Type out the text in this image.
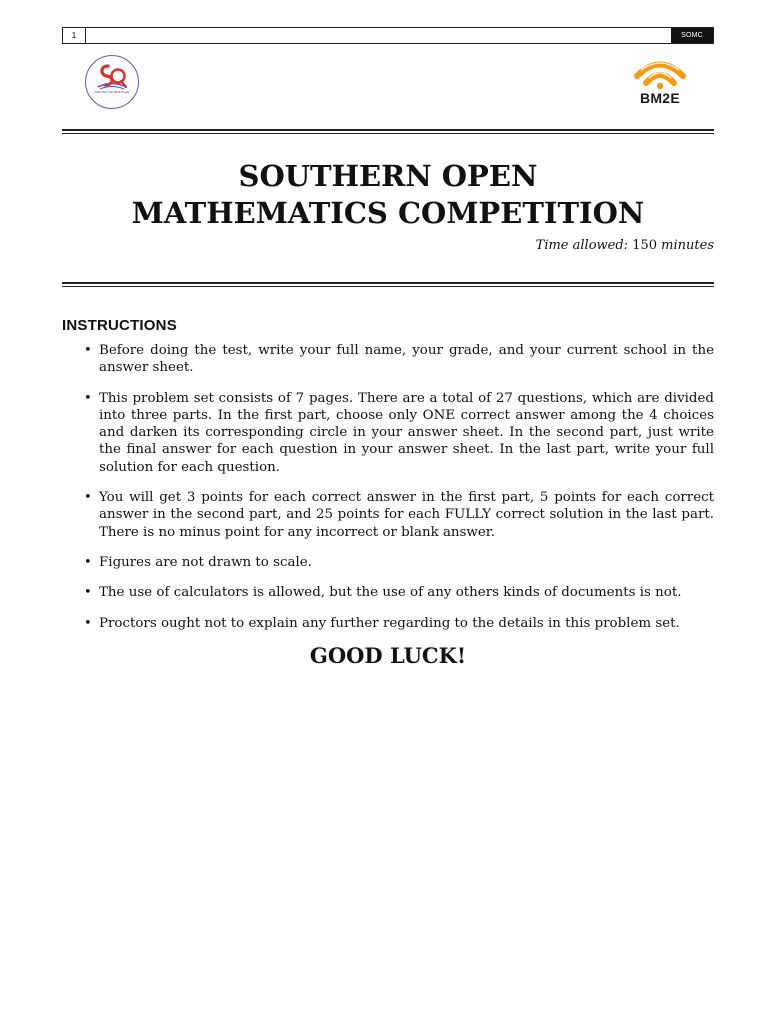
1	SOMC
NGUYEN THI MINH KHAI	BM2E
SOUTHERN OPEN
MATHEMATICS COMPETITION
Time allowed: 150 minutes
INSTRUCTIONS
• Before doing the test, write your full name, your grade, and your current school in the answer sheet.
• This problem set consists of 7 pages. There are a total of 27 questions, which are divided into three parts. In the first part, choose only ONE correct answer among the 4 choices and darken its corresponding circle in your answer sheet. In the second part, just write the final answer for each question in your answer sheet. In the last part, write your full solution for each question.
• You will get 3 points for each correct answer in the first part, 5 points for each correct answer in the second part, and 25 points for each FULLY correct solution in the last part. There is no minus point for any incorrect or blank answer.
• Figures are not drawn to scale.
• The use of calculators is allowed, but the use of any others kinds of documents is not.
• Proctors ought not to explain any further regarding to the details in this problem set.
GOOD LUCK!
